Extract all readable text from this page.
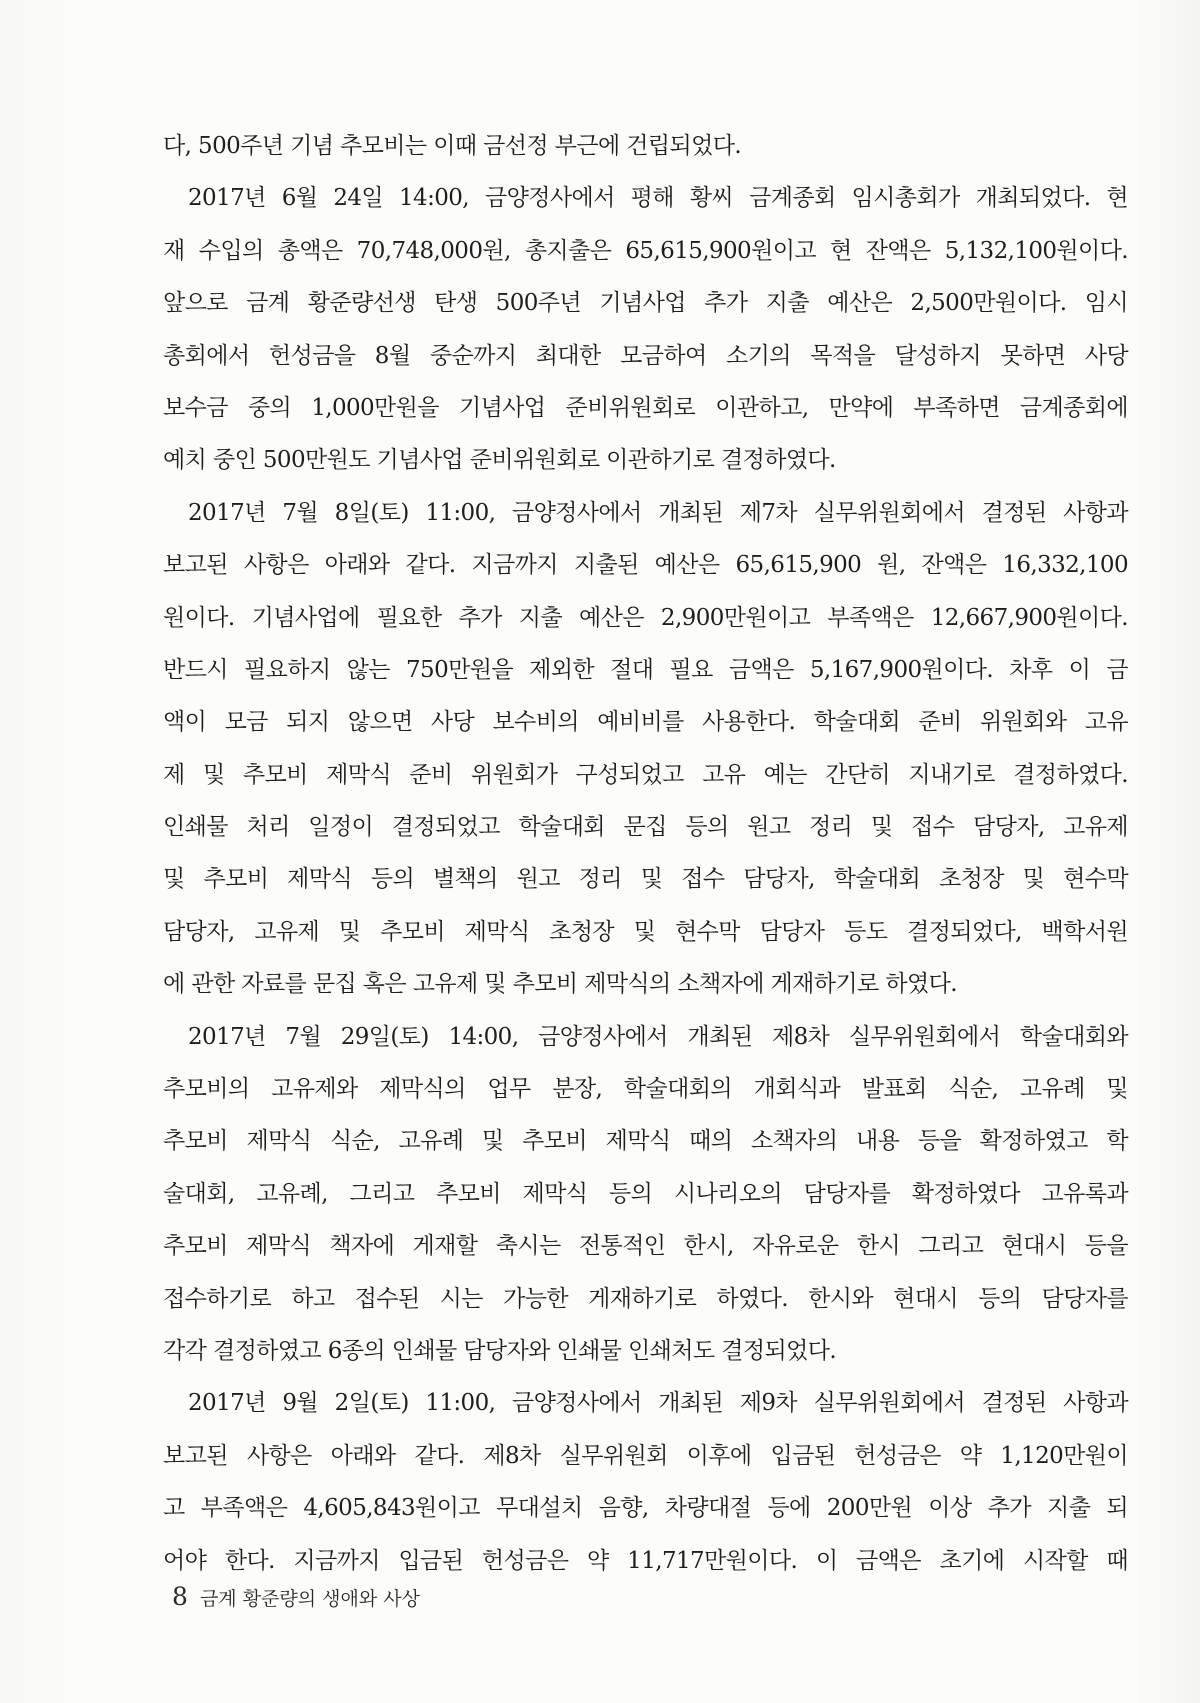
다, 500주년 기념 추모비는 이때 금선정 부근에 건립되었다.
2017년 6월 24일 14:00, 금양정사에서 평해 황씨 금계종회 임시총회가 개최되었다. 현
재 수입의 총액은 70,748,000원, 총지출은 65,615,900원이고 현 잔액은 5,132,100원이다.
앞으로 금계 황준량선생 탄생 500주년 기념사업 추가 지출 예산은 2,500만원이다. 임시
총회에서 헌성금을 8월 중순까지 최대한 모금하여 소기의 목적을 달성하지 못하면 사당
보수금 중의 1,000만원을 기념사업 준비위원회로 이관하고, 만약에 부족하면 금계종회에
예치 중인 500만원도 기념사업 준비위원회로 이관하기로 결정하였다.
2017년 7월 8일(토) 11:00, 금양정사에서 개최된 제7차 실무위원회에서 결정된 사항과
보고된 사항은 아래와 같다. 지금까지 지출된 예산은 65,615,900 원, 잔액은 16,332,100
원이다. 기념사업에 필요한 추가 지출 예산은 2,900만원이고 부족액은 12,667,900원이다.
반드시 필요하지 않는 750만원을 제외한 절대 필요 금액은 5,167,900원이다. 차후 이 금
액이 모금 되지 않으면 사당 보수비의 예비비를 사용한다. 학술대회 준비 위원회와 고유
제 및 추모비 제막식 준비 위원회가 구성되었고 고유 예는 간단히 지내기로 결정하였다.
인쇄물 처리 일정이 결정되었고 학술대회 문집 등의 원고 정리 및 접수 담당자, 고유제
및 추모비 제막식 등의 별책의 원고 정리 및 접수 담당자, 학술대회 초청장 및 현수막
담당자, 고유제 및 추모비 제막식 초청장 및 현수막 담당자 등도 결정되었다, 백학서원
에 관한 자료를 문집 혹은 고유제 및 추모비 제막식의 소책자에 게재하기로 하였다.
2017년 7월 29일(토) 14:00, 금양정사에서 개최된 제8차 실무위원회에서 학술대회와
추모비의 고유제와 제막식의 업무 분장, 학술대회의 개회식과 발표회 식순, 고유례 및
추모비 제막식 식순, 고유례 및 추모비 제막식 때의 소책자의 내용 등을 확정하였고 학
술대회, 고유례, 그리고 추모비 제막식 등의 시나리오의 담당자를 확정하였다 고유록과
추모비 제막식 책자에 게재할 축시는 전통적인 한시, 자유로운 한시 그리고 현대시 등을
접수하기로 하고 접수된 시는 가능한 게재하기로 하였다. 한시와 현대시 등의 담당자를
각각 결정하였고 6종의 인쇄물 담당자와 인쇄물 인쇄처도 결정되었다.
2017년 9월 2일(토) 11:00, 금양정사에서 개최된 제9차 실무위원회에서 결정된 사항과
보고된 사항은 아래와 같다. 제8차 실무위원회 이후에 입금된 헌성금은 약 1,120만원이
고 부족액은 4,605,843원이고 무대설치 음향, 차량대절 등에 200만원 이상 추가 지출 되
어야 한다. 지금까지 입금된 헌성금은 약 11,717만원이다. 이 금액은 초기에 시작할 때
8 금계 황준량의 생애와 사상
